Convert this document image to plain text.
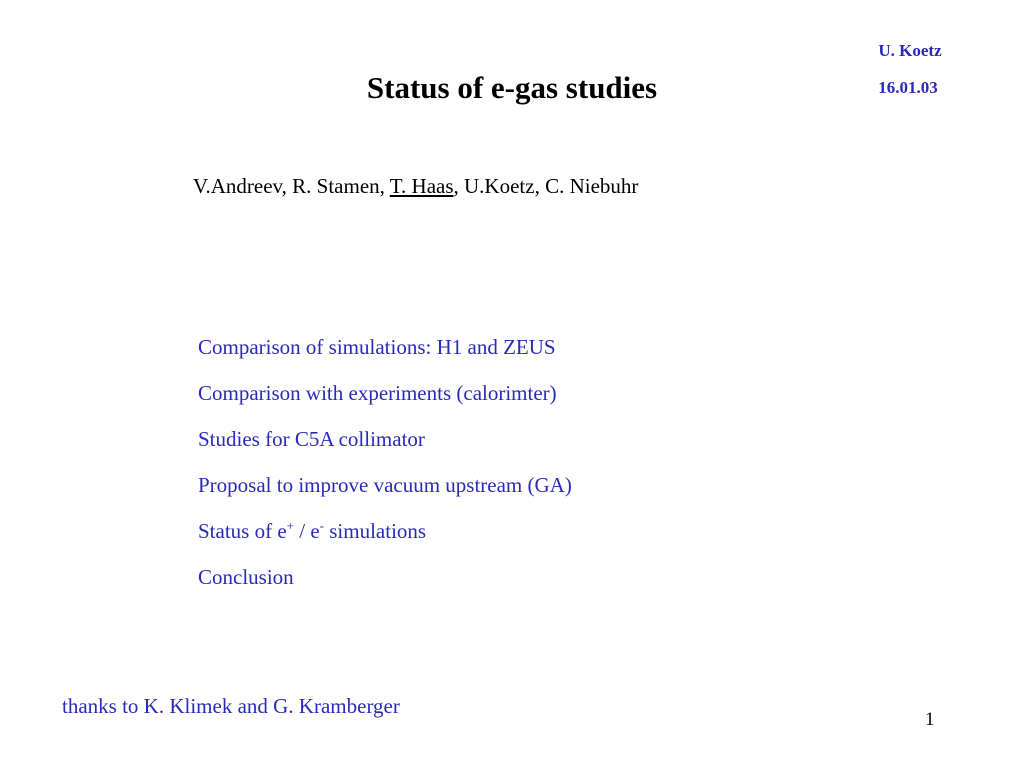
U. Koetz
16.01.03
Status of e-gas studies
V.Andreev, R. Stamen, T. Haas, U.Koetz, C. Niebuhr
Comparison of simulations: H1 and ZEUS
Comparison with experiments (calorimter)
Studies for C5A collimator
Proposal to improve vacuum upstream (GA)
Status of e+ / e- simulations
Conclusion
thanks to K. Klimek and G. Kramberger
1
